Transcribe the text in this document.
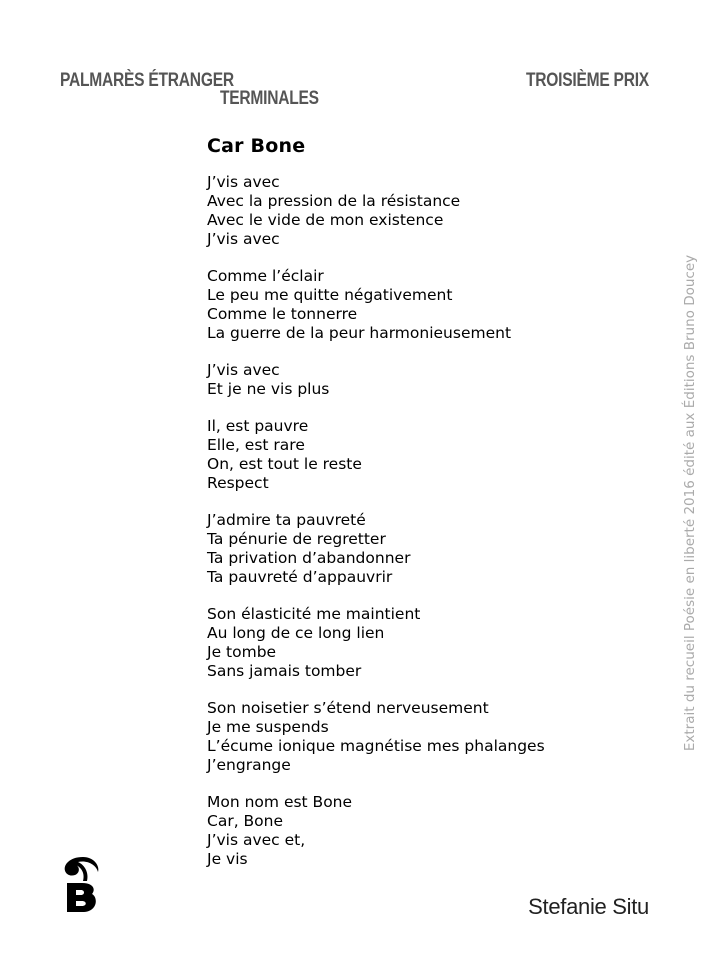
PALMARÈS ÉTRANGER
TERMINALES
TROISIÈME PRIX
Car Bone
J’vis avec
Avec la pression de la résistance
Avec le vide de mon existence
J’vis avec
Comme l’éclair
Le peu me quitte négativement
Comme le tonnerre
La guerre de la peur harmonieusement
J’vis avec
Et je ne vis plus
Il, est pauvre
Elle, est rare
On, est tout le reste
Respect
J’admire ta pauvreté
Ta pénurie de regretter
Ta privation d’abandonner
Ta pauvreté d’appauvrir
Son élasticité me maintient
Au long de ce long lien
Je tombe
Sans jamais tomber
Son noisetier s’étend nerveusement
Je me suspends
L’écume ionique magnétise mes phalanges
J’engrange
Mon nom est Bone
Car, Bone
J’vis avec et,
Je vis
Extrait du recueil Poésie en liberté 2016 édité aux Éditions Bruno Doucey
Stefanie Situ
